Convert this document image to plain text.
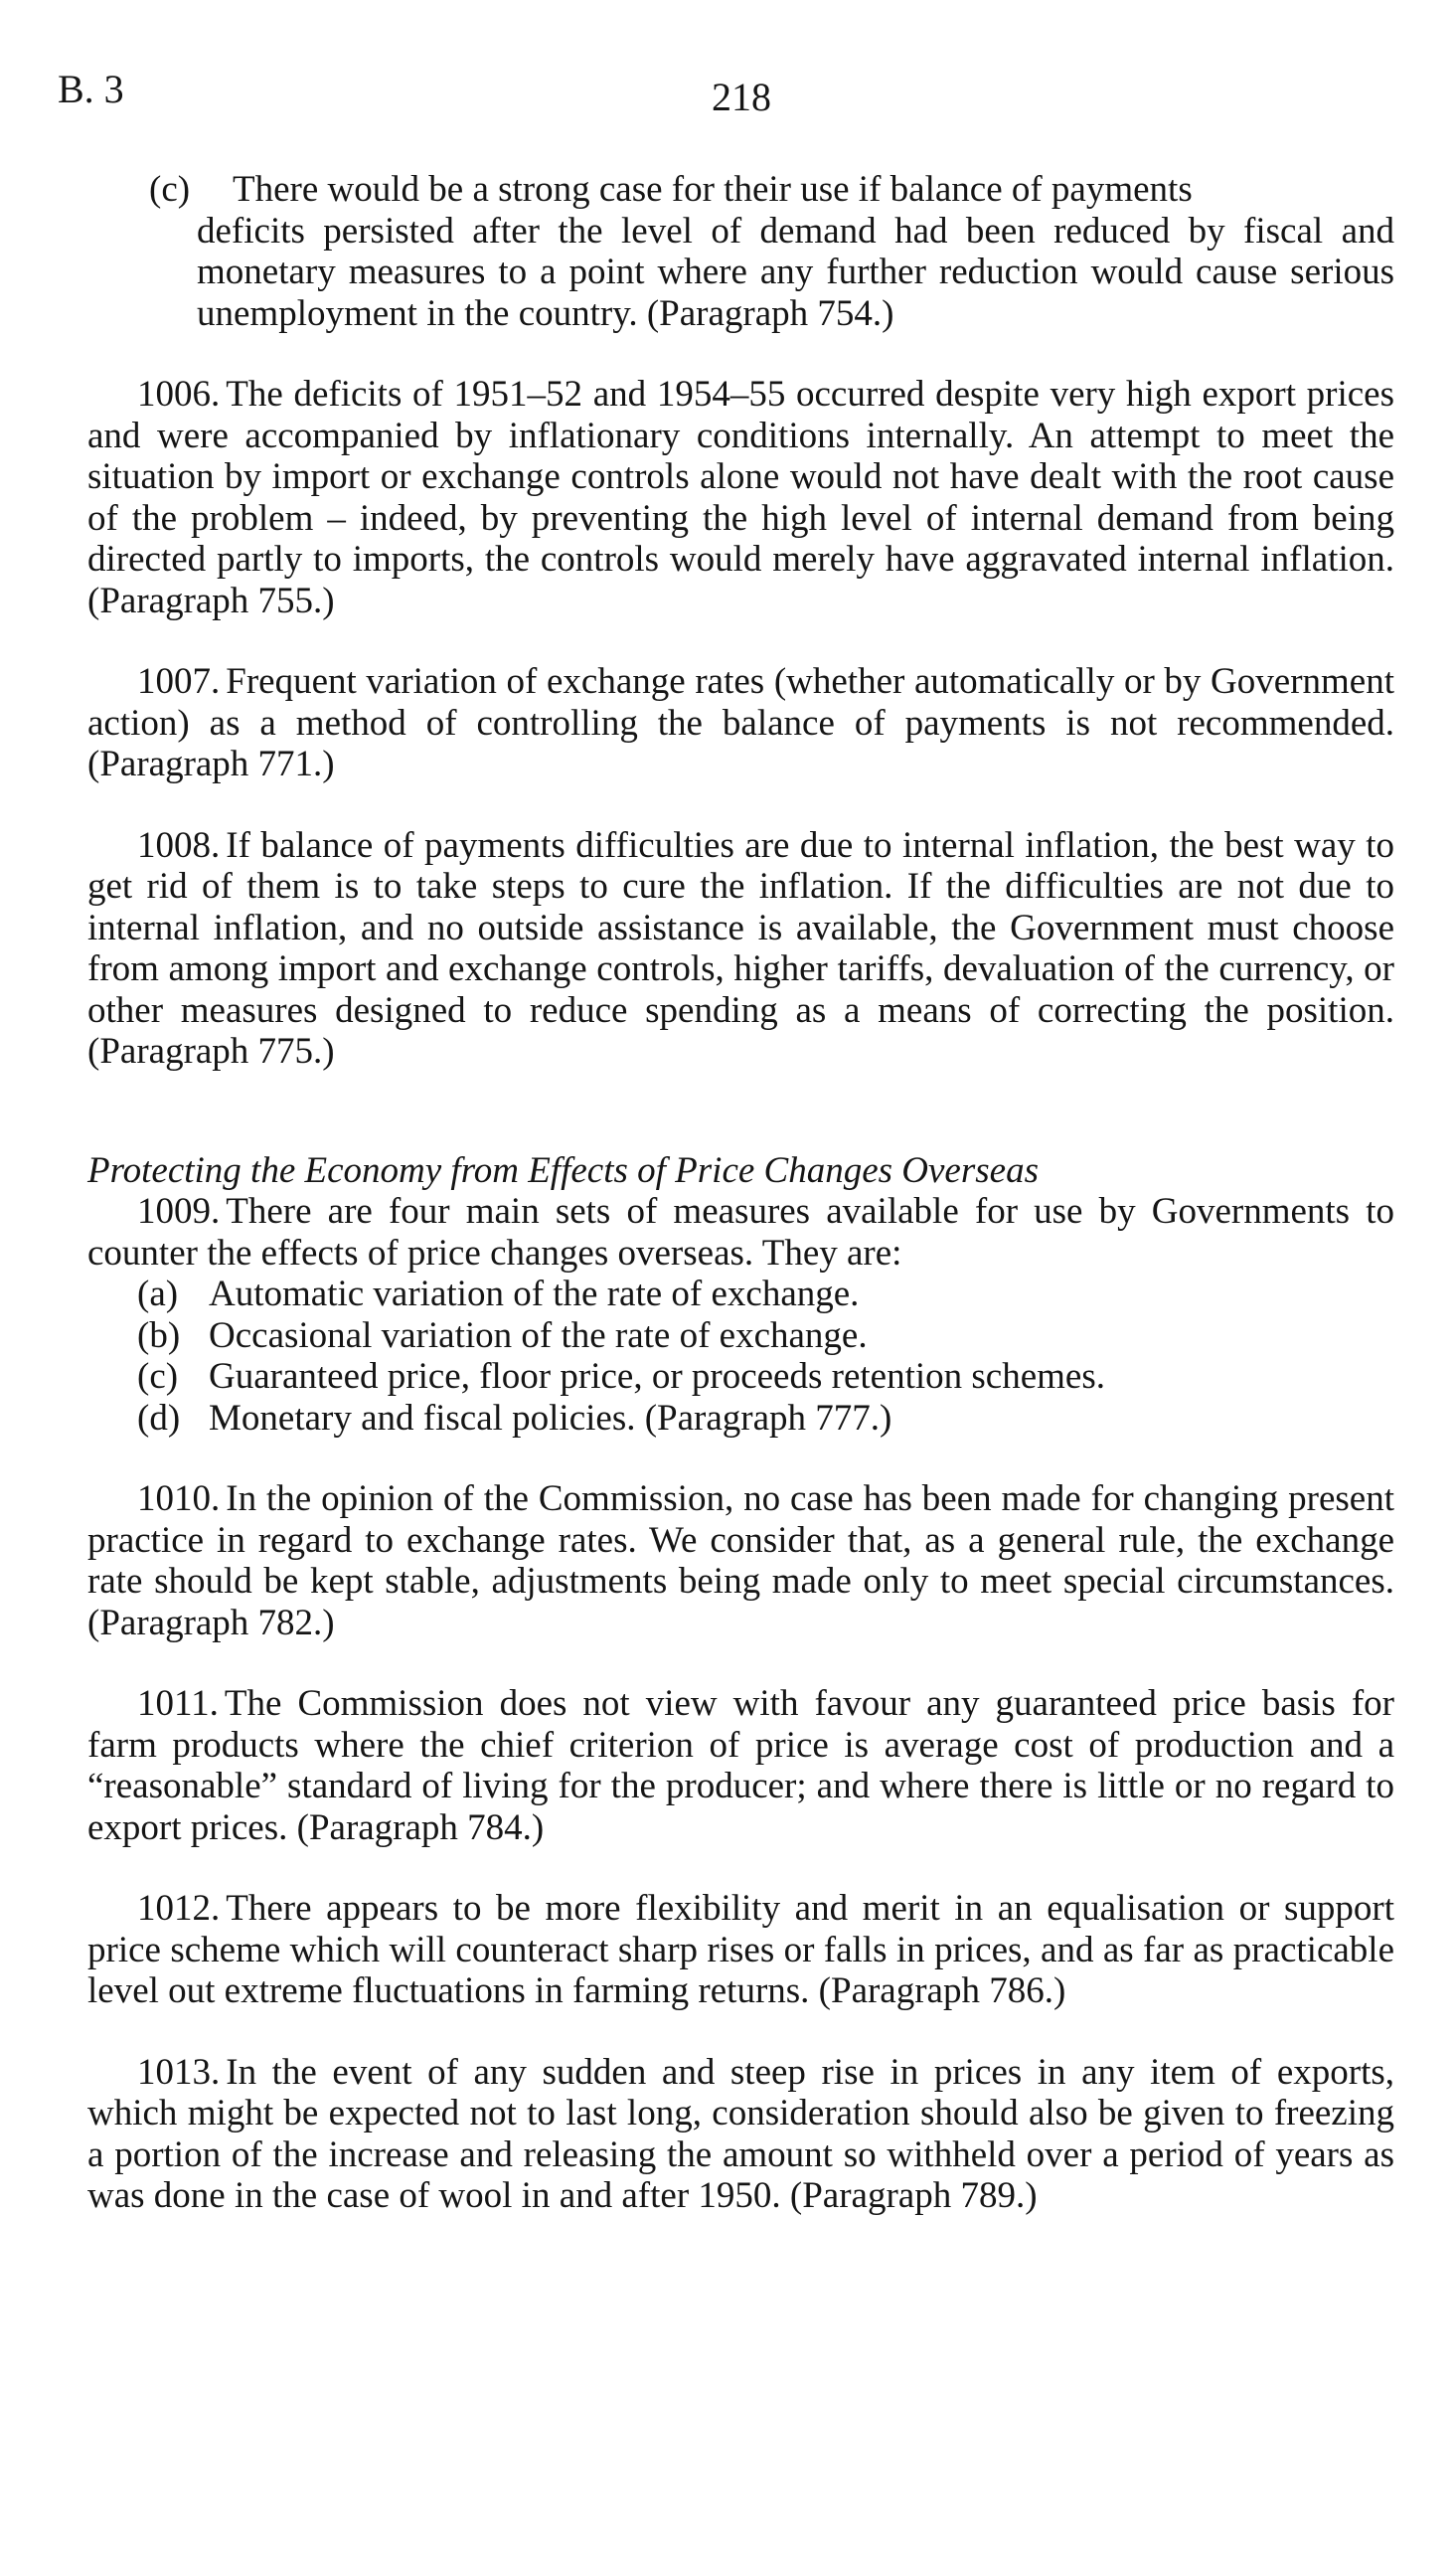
B. 3	218
(c)	There would be a strong case for their use if balance of payments

deficits persisted after the level of demand had been reduced by fiscal and monetary measures to a point where any further reduction would cause serious unemployment in the country. (Paragraph 754.)

1006. The deficits of 1951–52 and 1954–55 occurred despite very high export prices and were accompanied by inflationary conditions internally. An attempt to meet the situation by import or exchange controls alone would not have dealt with the root cause of the problem – indeed, by preventing the high level of internal demand from being directed partly to imports, the controls would merely have aggravated internal inflation. (Paragraph 755.)

1007. Frequent variation of exchange rates (whether automatically or by Government action) as a method of controlling the balance of payments is not recommended. (Paragraph 771.)

1008. If balance of payments difficulties are due to internal inflation, the best way to get rid of them is to take steps to cure the inflation. If the difficulties are not due to internal inflation, and no outside assistance is available, the Government must choose from among import and exchange controls, higher tariffs, devaluation of the currency, or other measures designed to reduce spending as a means of correcting the position. (Paragraph 775.)

Protecting the Economy from Effects of Price Changes Overseas

1009. There are four main sets of measures available for use by Governments to counter the effects of price changes overseas. They are:

(a) Automatic variation of the rate of exchange.
(b) Occasional variation of the rate of exchange.
(c) Guaranteed price, floor price, or proceeds retention schemes.
(d) Monetary and fiscal policies. (Paragraph 777.)

1010. In the opinion of the Commission, no case has been made for changing present practice in regard to exchange rates. We consider that, as a general rule, the exchange rate should be kept stable, adjustments being made only to meet special circumstances. (Paragraph 782.)

1011. The Commission does not view with favour any guaranteed price basis for farm products where the chief criterion of price is average cost of production and a “reasonable” standard of living for the producer; and where there is little or no regard to export prices. (Paragraph 784.)

1012. There appears to be more flexibility and merit in an equalisation or support price scheme which will counteract sharp rises or falls in prices, and as far as practicable level out extreme fluctuations in farming returns. (Paragraph 786.)

1013. In the event of any sudden and steep rise in prices in any item of exports, which might be expected not to last long, consideration should also be given to freezing a portion of the increase and releasing the amount so withheld over a period of years as was done in the case of wool in and after 1950. (Paragraph 789.)
